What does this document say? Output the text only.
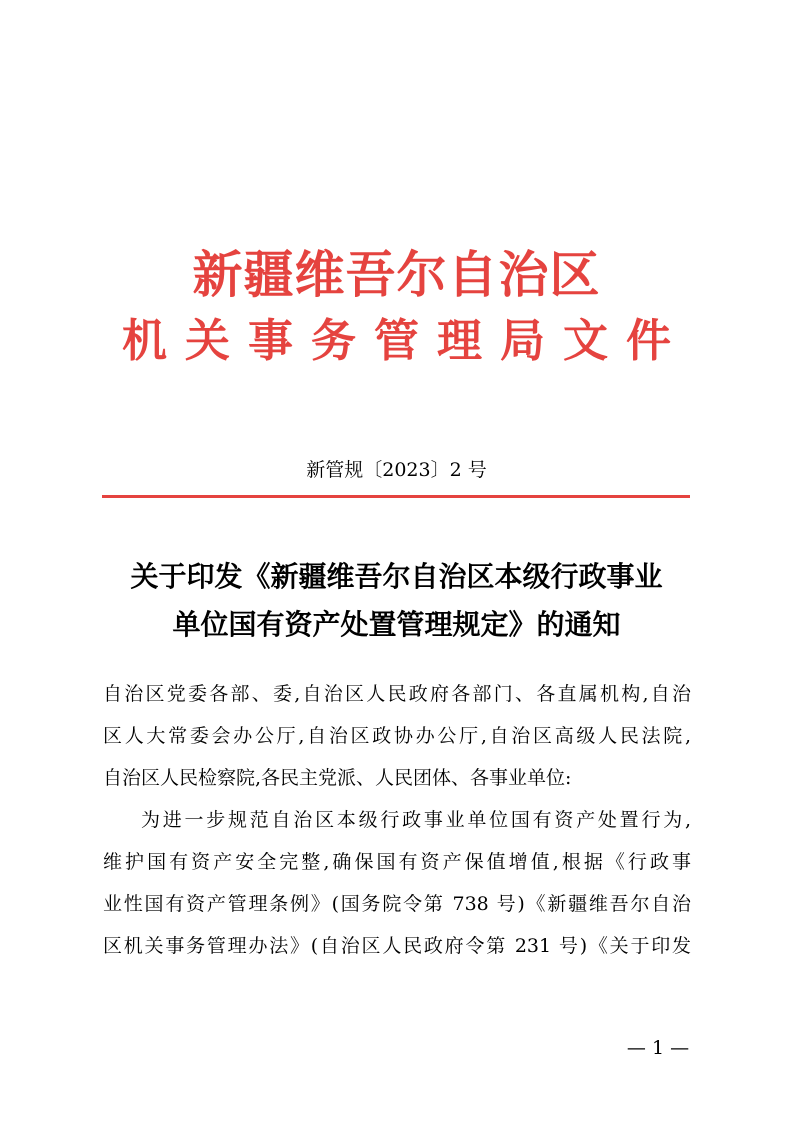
新疆维吾尔自治区
机关事务管理局文件
新管规〔2023〕2 号
关于印发《新疆维吾尔自治区本级行政事业
单位国有资产处置管理规定》的通知
自治区党委各部、委,自治区人民政府各部门、各直属机构,自治
区人大常委会办公厅,自治区政协办公厅,自治区高级人民法院,
自治区人民检察院,各民主党派、人民团体、各事业单位:
为进一步规范自治区本级行政事业单位国有资产处置行为,
维护国有资产安全完整,确保国有资产保值增值,根据《行政事
业性国有资产管理条例》(国务院令第 738 号)《新疆维吾尔自治
区机关事务管理办法》(自治区人民政府令第 231 号)《关于印发
— 1 —
